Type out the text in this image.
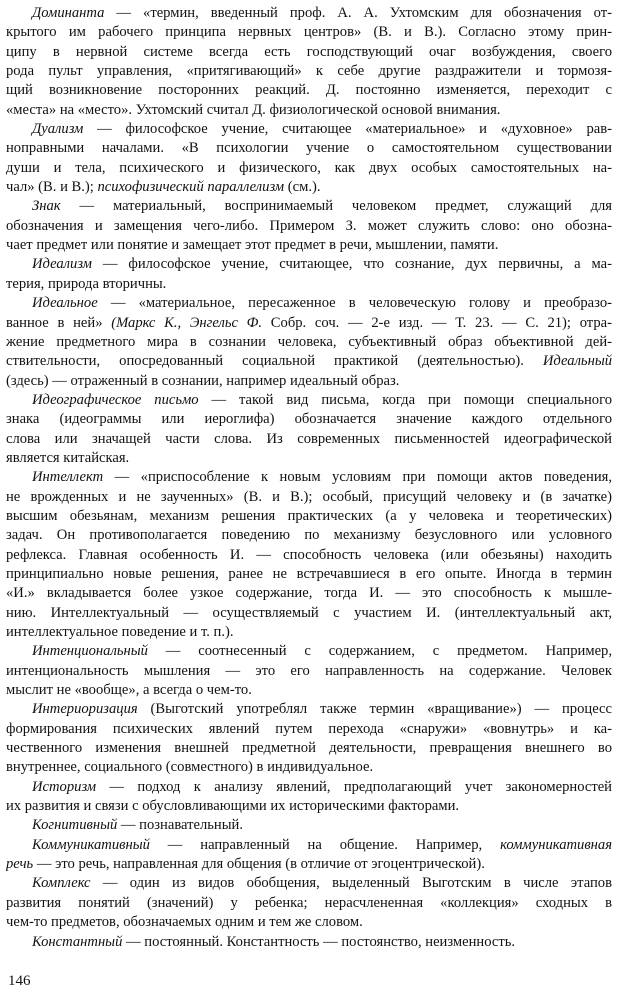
Доминанта — «термин, введенный проф. А. А. Ухтомским для обозначения от-
крытого им рабочего принципа нервных центров» (В. и В.). Согласно этому прин-
ципу в нервной системе всегда есть господствующий очаг возбуждения, своего
рода пульт управления, «притягивающий» к себе другие раздражители и тормозя-
щий возникновение посторонних реакций. Д. постоянно изменяется, переходит с
«места» на «место». Ухтомский считал Д. физиологической основой внимания.
Дуализм — философское учение, считающее «материальное» и «духовное» рав-
ноправными началами. «В психологии учение о самостоятельном существовании
души и тела, психического и физического, как двух особых самостоятельных на-
чал» (В. и В.); психофизический параллелизм (см.).
Знак — материальный, воспринимаемый человеком предмет, служащий для
обозначения и замещения чего-либо. Примером З. может служить слово: оно обозна-
чает предмет или понятие и замещает этот предмет в речи, мышлении, памяти.
Идеализм — философское учение, считающее, что сознание, дух первичны, а ма-
терия, природа вторичны.
Идеальное — «материальное, пересаженное в человеческую голову и преобразо-
ванное в ней» (Маркс К., Энгельс Ф. Собр. соч. — 2-е изд. — Т. 23. — С. 21); отра-
жение предметного мира в сознании человека, субъективный образ объективной дей-
ствительности, опосредованный социальной практикой (деятельностью). Идеальный
(здесь) — отраженный в сознании, например идеальный образ.
Идеографическое письмо — такой вид письма, когда при помощи специального
знака (идеограммы или иероглифа) обозначается значение каждого отдельного
слова или значащей части слова. Из современных письменностей идеографической
является китайская.
Интеллект — «приспособление к новым условиям при помощи актов поведения,
не врожденных и не заученных» (В. и В.); особый, присущий человеку и (в зачатке)
высшим обезьянам, механизм решения практических (а у человека и теоретических)
задач. Он противополагается поведению по механизму безусловного или условного
рефлекса. Главная особенность И. — способность человека (или обезьяны) находить
принципиально новые решения, ранее не встречавшиеся в его опыте. Иногда в термин
«И.» вкладывается более узкое содержание, тогда И. — это способность к мышле-
нию. Интеллектуальный — осуществляемый с участием И. (интеллектуальный акт,
интеллектуальное поведение и т. п.).
Интенциональный — соотнесенный с содержанием, с предметом. Например,
интенциональность мышления — это его направленность на содержание. Человек
мыслит не «вообще», а всегда о чем-то.
Интериоризация (Выготский употреблял также термин «вращивание») — процесс
формирования психических явлений путем перехода «снаружи» «вовнутрь» и ка-
чественного изменения внешней предметной деятельности, превращения внешнего во
внутреннее, социального (совместного) в индивидуальное.
Историзм — подход к анализу явлений, предполагающий учет закономерностей
их развития и связи с обусловливающими их историческими факторами.
Когнитивный — познавательный.
Коммуникативный — направленный на общение. Например, коммуникативная
речь — это речь, направленная для общения (в отличие от эгоцентрической).
Комплекс — один из видов обобщения, выделенный Выготским в числе этапов
развития понятий (значений) у ребенка; нерасчлененная «коллекция» сходных в
чем-то предметов, обозначаемых одним и тем же словом.
Константный — постоянный. Константность — постоянство, неизменность.
146
